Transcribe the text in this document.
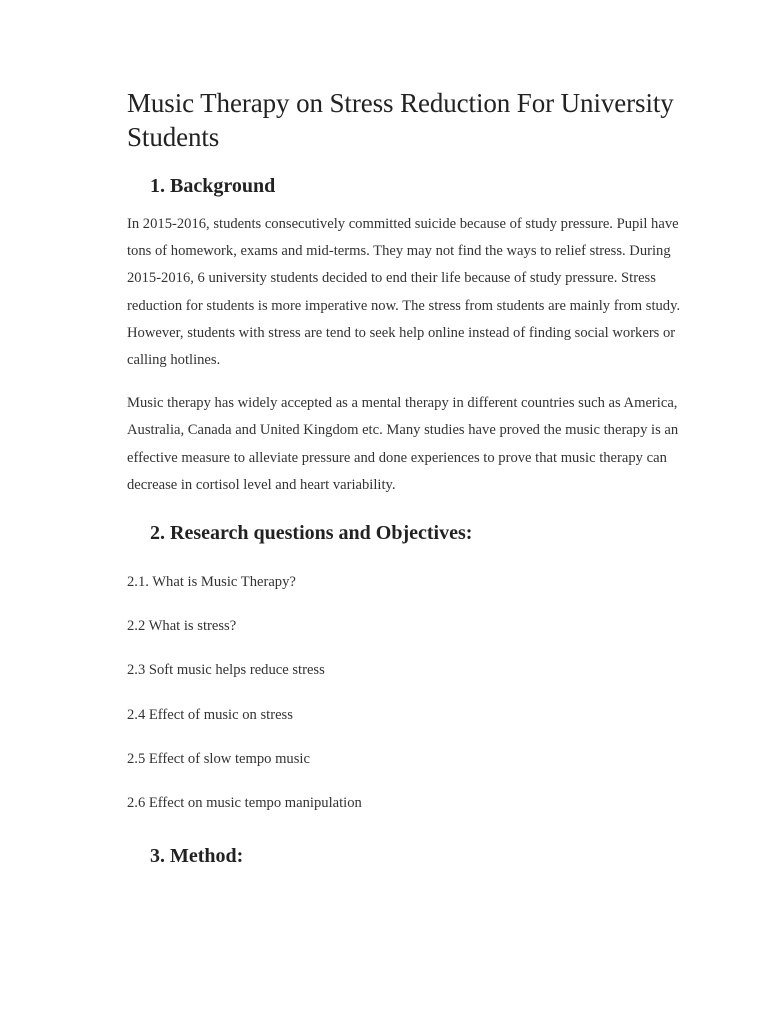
Music Therapy on Stress Reduction For University Students
1. Background

In 2015-2016, students consecutively committed suicide because of study pressure. Pupil have tons of homework, exams and mid-terms. They may not find the ways to relief stress. During 2015-2016, 6 university students decided to end their life because of study pressure. Stress reduction for students is more imperative now. The stress from students are mainly from study. However, students with stress are tend to seek help online instead of finding social workers or calling hotlines.

Music therapy has widely accepted as a mental therapy in different countries such as America, Australia, Canada and United Kingdom etc. Many studies have proved the music therapy is an effective measure to alleviate pressure and done experiences to prove that music therapy can decrease in cortisol level and heart variability.

2. Research questions and Objectives:
2.1. What is Music Therapy?
2.2 What is stress?
2.3 Soft music helps reduce stress
2.4 Effect of music on stress
2.5 Effect of slow tempo music
2.6 Effect on music tempo manipulation
3. Method:
